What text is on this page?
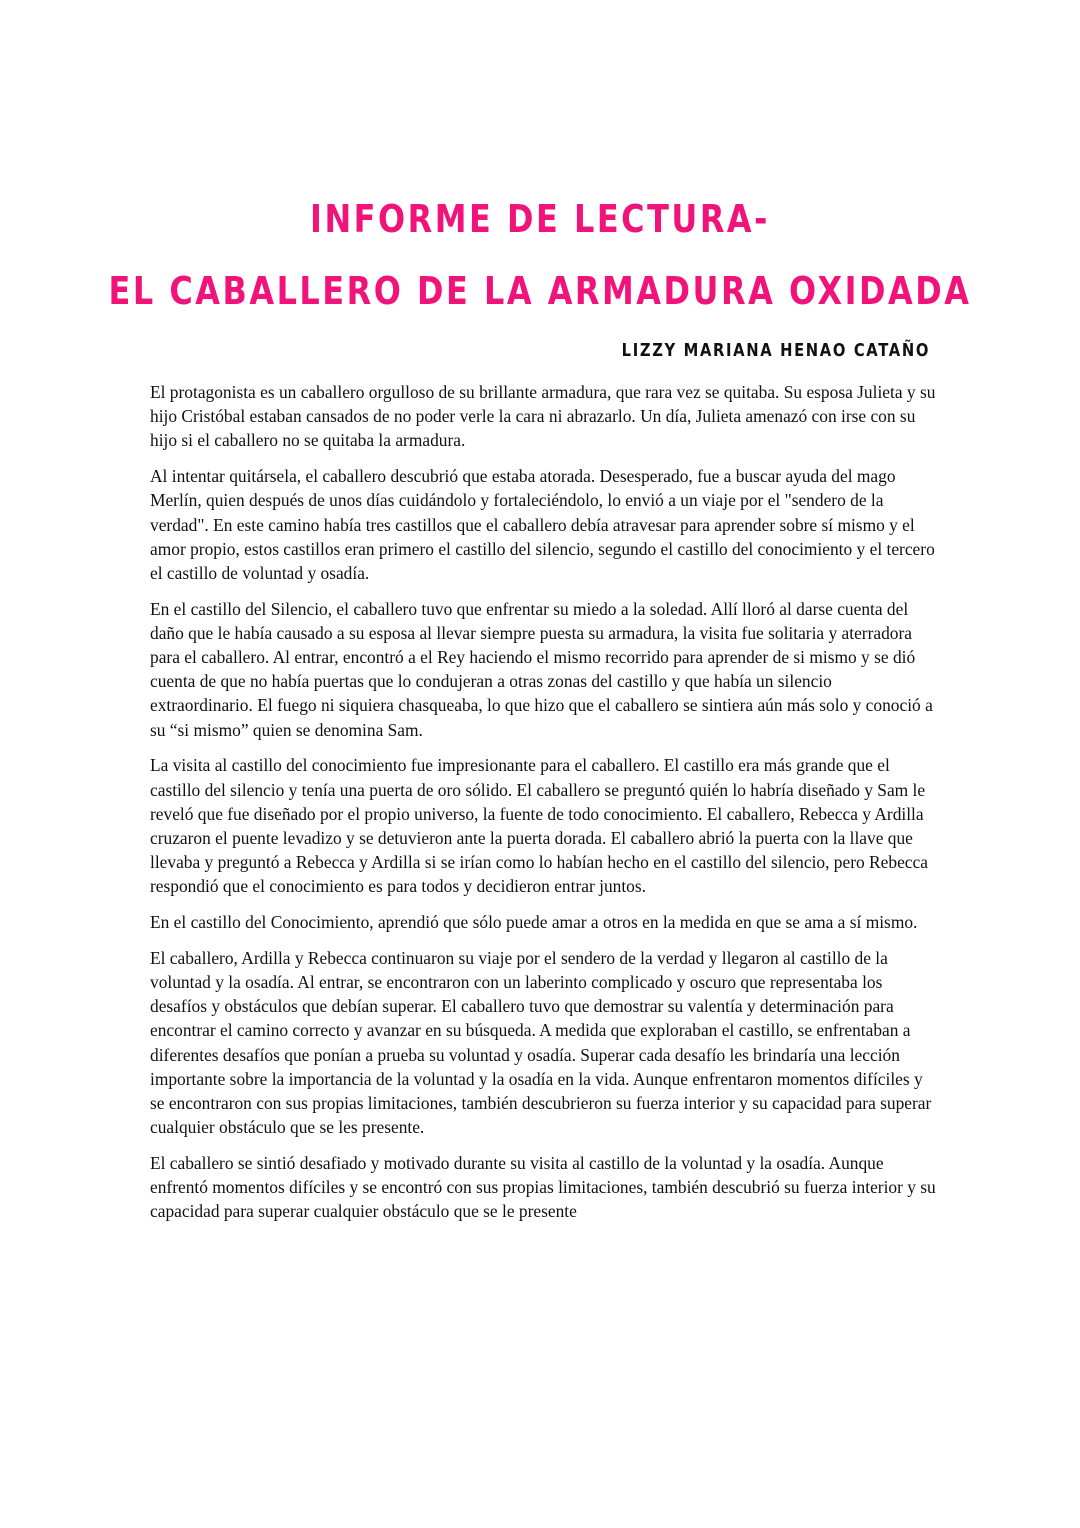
INFORME DE LECTURA-
EL CABALLERO DE LA ARMADURA OXIDADA
LIZZY MARIANA HENAO CATAÑO

El protagonista es un caballero orgulloso de su brillante armadura, que rara vez se quitaba. Su esposa Julieta y su hijo Cristóbal estaban cansados de no poder verle la cara ni abrazarlo. Un día, Julieta amenazó con irse con su hijo si el caballero no se quitaba la armadura.

Al intentar quitársela, el caballero descubrió que estaba atorada. Desesperado, fue a buscar ayuda del mago Merlín, quien después de unos días cuidándolo y fortaleciéndolo, lo envió a un viaje por el "sendero de la verdad". En este camino había tres castillos que el caballero debía atravesar para aprender sobre sí mismo y el amor propio, estos castillos eran primero el castillo del silencio, segundo el castillo del conocimiento y el tercero el castillo de voluntad y osadía.

En el castillo del Silencio, el caballero tuvo que enfrentar su miedo a la soledad. Allí lloró al darse cuenta del daño que le había causado a su esposa al llevar siempre puesta su armadura, la visita fue solitaria y aterradora para el caballero. Al entrar, encontró a el Rey haciendo el mismo recorrido para aprender de si mismo y se dió cuenta de que no había puertas que lo condujeran a otras zonas del castillo y que había un silencio extraordinario. El fuego ni siquiera chasqueaba, lo que hizo que el caballero se sintiera aún más solo y conoció a su “si mismo” quien se denomina Sam.

La visita al castillo del conocimiento fue impresionante para el caballero. El castillo era más grande que el castillo del silencio y tenía una puerta de oro sólido. El caballero se preguntó quién lo habría diseñado y Sam le reveló que fue diseñado por el propio universo, la fuente de todo conocimiento. El caballero, Rebecca y Ardilla cruzaron el puente levadizo y se detuvieron ante la puerta dorada. El caballero abrió la puerta con la llave que llevaba y preguntó a Rebecca y Ardilla si se irían como lo habían hecho en el castillo del silencio, pero Rebecca respondió que el conocimiento es para todos y decidieron entrar juntos.

En el castillo del Conocimiento, aprendió que sólo puede amar a otros en la medida en que se ama a sí mismo.

El caballero, Ardilla y Rebecca continuaron su viaje por el sendero de la verdad y llegaron al castillo de la voluntad y la osadía. Al entrar, se encontraron con un laberinto complicado y oscuro que representaba los desafíos y obstáculos que debían superar. El caballero tuvo que demostrar su valentía y determinación para encontrar el camino correcto y avanzar en su búsqueda. A medida que exploraban el castillo, se enfrentaban a diferentes desafíos que ponían a prueba su voluntad y osadía. Superar cada desafío les brindaría una lección importante sobre la importancia de la voluntad y la osadía en la vida. Aunque enfrentaron momentos difíciles y se encontraron con sus propias limitaciones, también descubrieron su fuerza interior y su capacidad para superar cualquier obstáculo que se les presente.

El caballero se sintió desafiado y motivado durante su visita al castillo de la voluntad y la osadía. Aunque enfrentó momentos difíciles y se encontró con sus propias limitaciones, también descubrió su fuerza interior y su capacidad para superar cualquier obstáculo que se le presente
